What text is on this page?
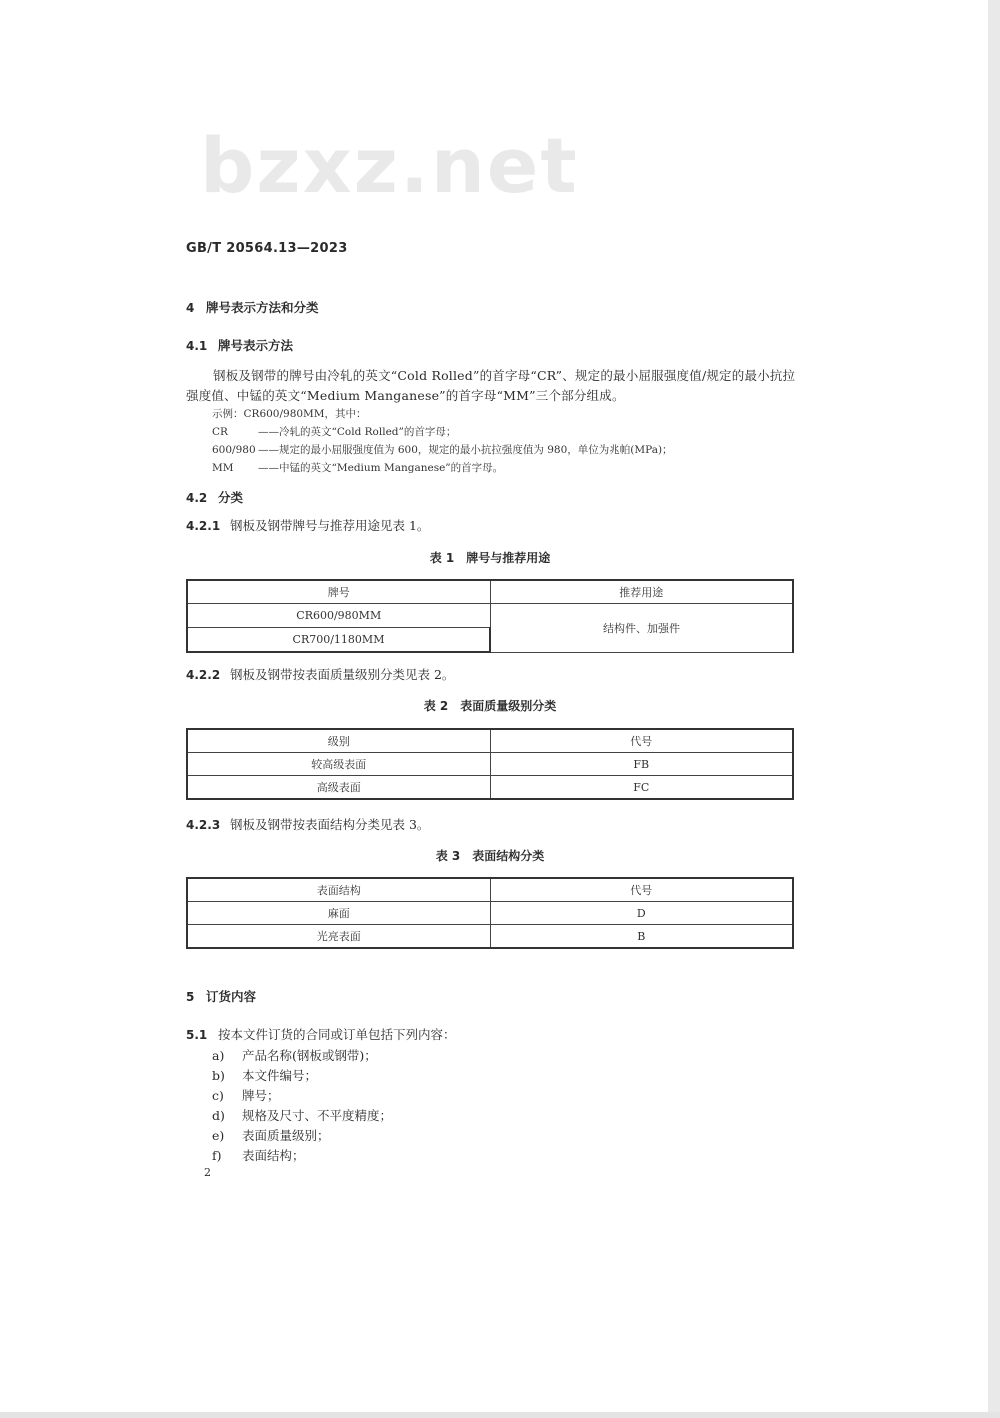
bzxz.net
GB/T 20564.13—2023
4 牌号表示方法和分类
4.1 牌号表示方法
钢板及钢带的牌号由冷轧的英文“Cold Rolled”的首字母“CR”、规定的最小屈服强度值/规定的最小抗拉强度值、中锰的英文“Medium Manganese”的首字母“MM”三个部分组成。
示例：CR600/980MM，其中：
CR	——冷轧的英文“Cold Rolled”的首字母；
600/980 ——规定的最小屈服强度值为 600，规定的最小抗拉强度值为 980，单位为兆帕(MPa)；
MM ——中锰的英文“Medium Manganese”的首字母。
4.2 分类
4.2.1 钢板及钢带牌号与推荐用途见表 1。
表 1　牌号与推荐用途
牌号	推荐用途
CR600/980MM	结构件、加强件
CR700/1180MM	
4.2.2 钢板及钢带按表面质量级别分类见表 2。
表 2　表面质量级别分类
级别	代号
较高级表面	FB
高级表面	FC
4.2.3 钢板及钢带按表面结构分类见表 3。
表 3　表面结构分类
表面结构	代号
麻面	D
光亮表面	B
5 订货内容
5.1 按本文件订货的合同或订单包括下列内容：
a) 产品名称(钢板或钢带)；
b) 本文件编号；
c) 牌号；
d) 规格及尺寸、不平度精度；
e) 表面质量级别；
f) 表面结构；
2
